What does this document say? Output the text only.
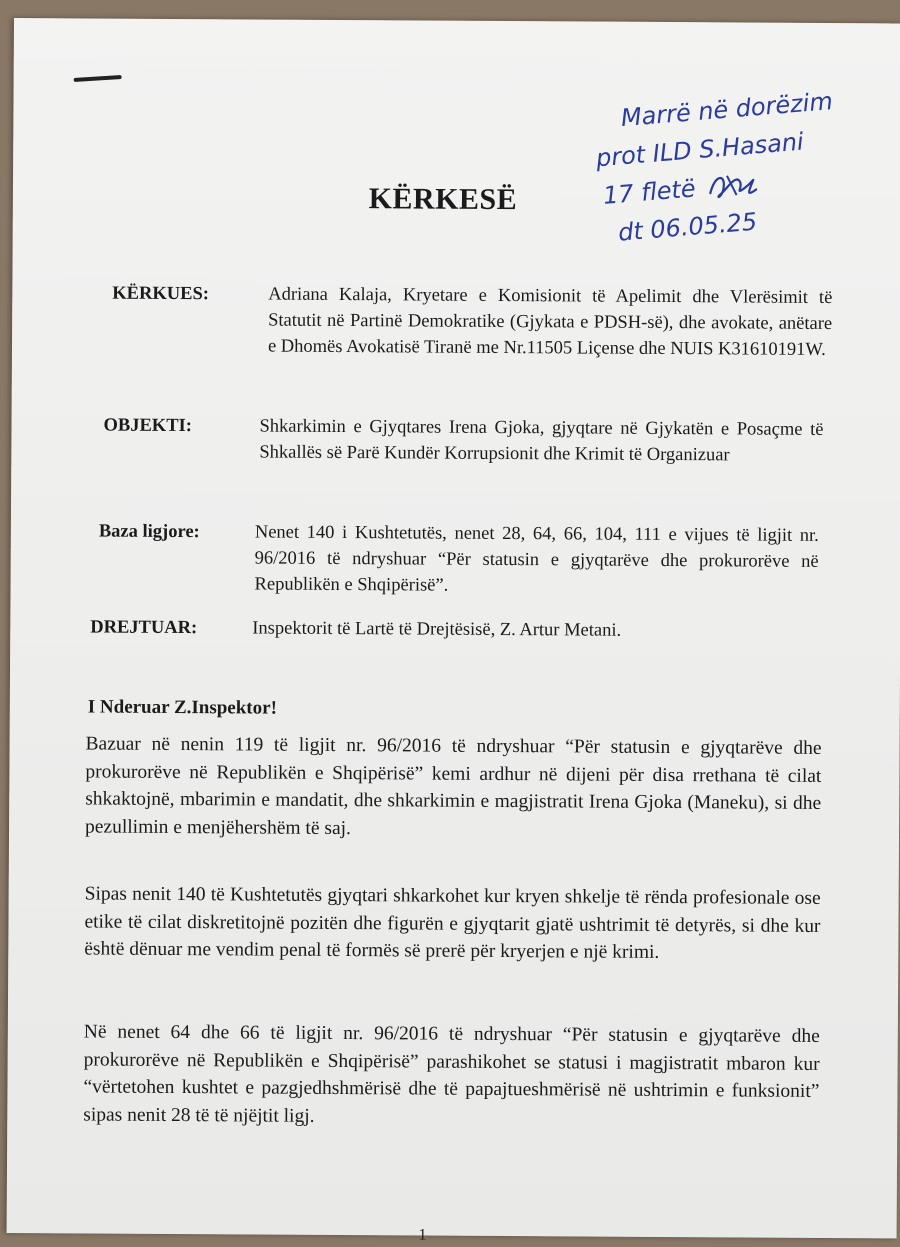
Marrë në dorëzim
prot ILD S.Hasani
17 fletë
dt 06.05.25
KËRKESË
KËRKUES:	Adriana Kalaja, Kryetare e Komisionit të Apelimit dhe Vlerësimit të Statutit në Partinë Demokratike (Gjykata e PDSH-së), dhe avokate, anëtare e Dhomës Avokatisë Tiranë me Nr.11505 Liçense dhe NUIS K31610191W.
OBJEKTI:	Shkarkimin e Gjyqtares Irena Gjoka, gjyqtare në Gjykatën e Posaçme të Shkallës së Parë Kundër Korrupsionit dhe Krimit të Organizuar
Baza ligjore:	Nenet 140 i Kushtetutës, nenet 28, 64, 66, 104, 111 e vijues të ligjit nr. 96/2016 të ndryshuar “Për statusin e gjyqtarëve dhe prokurorëve në Republikën e Shqipërisë”.
DREJTUAR:	Inspektorit të Lartë të Drejtësisë, Z. Artur Metani.
I Nderuar Z.Inspektor!

Bazuar në nenin 119 të ligjit nr. 96/2016 të ndryshuar “Për statusin e gjyqtarëve dhe prokurorëve në Republikën e Shqipërisë” kemi ardhur në dijeni për disa rrethana të cilat shkaktojnë, mbarimin e mandatit, dhe shkarkimin e magjistratit Irena Gjoka (Maneku), si dhe pezullimin e menjëhershëm të saj.

Sipas nenit 140 të Kushtetutës gjyqtari shkarkohet kur kryen shkelje të rënda profesionale ose etike të cilat diskretitojnë pozitën dhe figurën e gjyqtarit gjatë ushtrimit të detyrës, si dhe kur është dënuar me vendim penal të formës së prerë për kryerjen e një krimi.

Në nenet 64 dhe 66 të ligjit nr. 96/2016 të ndryshuar “Për statusin e gjyqtarëve dhe prokurorëve në Republikën e Shqipërisë” parashikohet se statusi i magjistratit mbaron kur “vërtetohen kushtet e pazgjedhshmërisë dhe të papajtueshmërisë në ushtrimin e funksionit” sipas nenit 28 të të njëjtit ligj.

1
